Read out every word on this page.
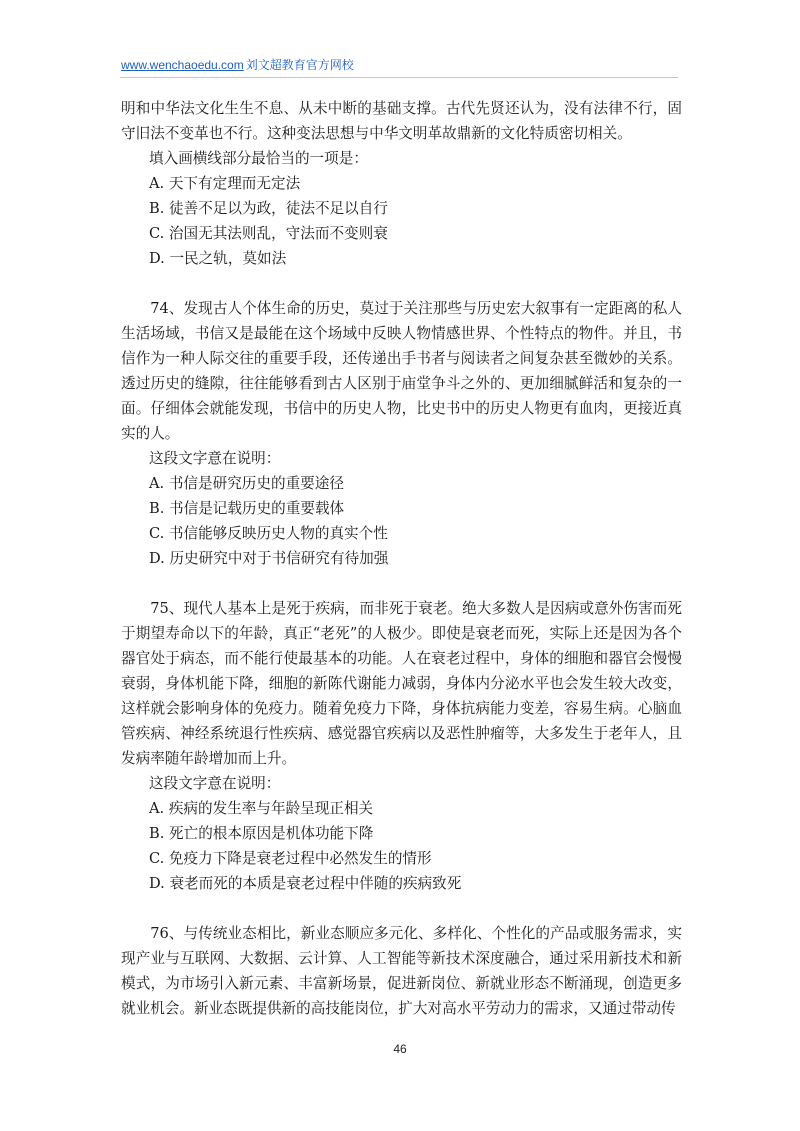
www.wenchaoedu.com 刘文超教育官方网校

明和中华法文化生生不息、从未中断的基础支撑。古代先贤还认为，没有法律不行，固守旧法不变革也不行。这种变法思想与中华文明革故鼎新的文化特质密切相关。

填入画横线部分最恰当的一项是：

A. 天下有定理而无定法

B. 徒善不足以为政，徒法不足以自行

C. 治国无其法则乱，守法而不变则衰

D. 一民之轨，莫如法

74、发现古人个体生命的历史，莫过于关注那些与历史宏大叙事有一定距离的私人生活场域，书信又是最能在这个场域中反映人物情感世界、个性特点的物件。并且，书信作为一种人际交往的重要手段，还传递出手书者与阅读者之间复杂甚至微妙的关系。透过历史的缝隙，往往能够看到古人区别于庙堂争斗之外的、更加细腻鲜活和复杂的一面。仔细体会就能发现，书信中的历史人物，比史书中的历史人物更有血肉，更接近真实的人。

这段文字意在说明：

A. 书信是研究历史的重要途径

B. 书信是记载历史的重要载体

C. 书信能够反映历史人物的真实个性

D. 历史研究中对于书信研究有待加强

75、现代人基本上是死于疾病，而非死于衰老。绝大多数人是因病或意外伤害而死于期望寿命以下的年龄，真正“老死”的人极少。即使是衰老而死，实际上还是因为各个器官处于病态，而不能行使最基本的功能。人在衰老过程中，身体的细胞和器官会慢慢衰弱，身体机能下降，细胞的新陈代谢能力减弱，身体内分泌水平也会发生较大改变，这样就会影响身体的免疫力。随着免疫力下降，身体抗病能力变差，容易生病。心脑血管疾病、神经系统退行性疾病、感觉器官疾病以及恶性肿瘤等，大多发生于老年人，且发病率随年龄增加而上升。

这段文字意在说明：

A. 疾病的发生率与年龄呈现正相关

B. 死亡的根本原因是机体功能下降

C. 免疫力下降是衰老过程中必然发生的情形

D. 衰老而死的本质是衰老过程中伴随的疾病致死

76、与传统业态相比，新业态顺应多元化、多样化、个性化的产品或服务需求，实现产业与互联网、大数据、云计算、人工智能等新技术深度融合，通过采用新技术和新模式，为市场引入新元素、丰富新场景，促进新岗位、新就业形态不断涌现，创造更多就业机会。新业态既提供新的高技能岗位，扩大对高水平劳动力的需求，又通过带动传

46
